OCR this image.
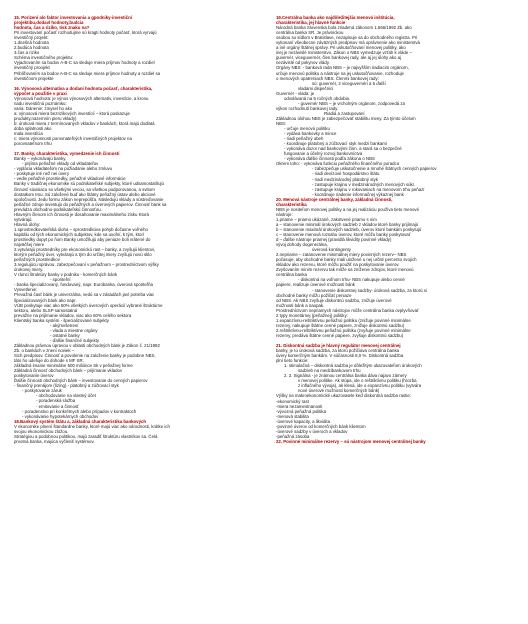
15. Porizení alo faktor investovania a gpodniky-investiční
projektibu,dodavl hodnoty,budcia
hodnota, čas a riziko, tisk znaku na?
Pri investovaní počasť rozhodujme sú kragti hodnoty počasť, ktorá vyrvajú
investičný projekt:
1.dnešná hodnota
2.budúca hodnota
3.čas a riziko
Schéma investičného projektu:
Vyjadrovaním sa bodov A-B-C sa sleduje miera príjmov hodnoty a rozdiel
investičný proojekt
Približovaním sa bodov A-B-C sa sleduje miera príjmov hodnoty a rozdiel sa
investičnom projekte
16. Výnosová alternatíva a dodaní hodnota počasť, charakteristika,
výpočet a použitie v praxi
Výnosová hodnota: je výnos výnosových alternatív, investície, a kronu
nadu investičnú poznámku:
varia: Dánenie: zmysel ho ako
a: výnosová miera bezrizikových investícií – ktorá poskazuje
produkty,nazemnín pieru vklady)
b: úroková miera z termínovaných vkladov v bankách, ktorá majú dodlatá
doba splatnosti ako
mala investícia
c: miera výnosnosti porovnateľných investičných projektov na
porovnateľnom trhu
17. Banky, charakteristika, vymedzenie ich činnosti
Banky – vykonávajú banky.
- prijíma peňažné vklady od vkladateľov
- vyplácia vkladateľom na požiadanie alebo zmluvu
- poskytuje iné než nei úvery
- vedie peňažné prostriedky, peňažné vkladové informácie
Banky v tradičnej ekonomike sú podnikateľské subjekty, ktoré udsamostatňujú
činnosť súvisiacu so všetkými vecou, sa všetkou podporovanou, a svitom
dostatkom trsu. Sú založené buď ako štátny peňažný ústav alebo akciové
spoločnosti. Jedu formu zákon neprepúšťa. Následujú vklady a sústreďovanie
peňažné zdroje investujú do peňažných a úverových papierov. Činnosť bánk sa
prevádza obchodno-podnikateľskú činnosťou.
Hlavným členom ich činnosti je dosahovanie maximálneho zisku Ktorá
vytvárajú.
Hlavná úlohy:
1.sprostredkovateľská úloha – sprostredkúva pohyb dočasne voľného
kapitálu od tých ekonomických subjektov, kde sa uvoľní, k tým, ktorí
prostriedky dopyt po ňom Banky umožňujú aby peniaze boli vrátené do
najväčšej miere
2.vytvárajú prostredníky pre ekonomickú rast – banky, a zvyšujú klientovi,
ktorým peňažný úver, vytvárajú a tým do určitej miery zvyšujú novú sklo
peňažných prostriedkov
3.regulujúcu správou, zabezpečovaní v peňažnom – prostredníctvom výšky
úrokovej miery.
V rámci štruktúry banky v podniku - komerčných bánk
- sporiteľní
- banka špecializovaný, fundovaný, napr. Eurobanka, úverová sporiteľňa
Vysvetlenie:
Prevažná časť bánk je univerzálna, vedú sa v zásadách javí potreba viac
špecializovaných bánk ako napr.
VÚB poskytuje viac ako 50% všetkých úverových operácií vybrané štruktúrne
sektoru, alebo SLSP samostatná
prevažne na prijímanie vkladov, viac ako 60% celého sektora
Klientský banka systém - špecializované subjekty
- akýmvšetrení
- vlada a miestne orgány
- ostatné banky
- ďalšie finančné subjekty
Základnou právnou úpravou v oblasti obchodných bánk je Zákon č. 21/1992
Zb. o bankách v znení noviek –
Sich predpisov. Činnosť a povolenie na založenie banky je podobne NBS,
táto ho udeľuje do dohode s MF SR.
základná imanie minimálne 500 miliónov Sk v peňažnej forme
Základná činnosť obchodných bánk – prijímanie vkladov
poskytovanie úverov
Ďalšie činnosti obchodných bánk – investovanie do cenných papierov
- finančný prenájom (lízing) - platobný a zúčtovací styk
- poskytovanie záruk
- obchodovanie na vlastný účet
- poradenská služba
- emitovanie a činnosť
- poradenstvo pri konkrétnych alebo prípadov v kontraktoch
- vykonávanie hypotekárnych obchodov
18.Bankový systém štátu a, základná charakteristika bankových
V ekonomike plnení štandardne banky, ktoré majú viac ako národnosti, krátke ich
svojou ekonomickou zložou.
Stratégiou a podobnou politikou, majú zaradiť štruktúru vlastníkov sa. Čelá
prvotná banka, majúca vyčleniť systémov.
19.Centrálna banka ako najdôležitejšia menová inštitúcia,
charakteristika, jej hlavné funkcie
Národná banka Slovenska bola zriadená zákonom 1.566/1992 Zb. ako
centrálna banka SR. Je právnickou
osobou so sídlom v Bratislave, nezapisuje sa do obchodného registra. Pri
vykonaní všeobecne záväzných predpisov má oprávnenie ako ministerstvá
a iné orgány štátnej správy. Pri uskutočňovaní menovej politiky, ako
inej je nezávislé ministerstvo. Zákon o NBS vymedzuje vzťah k vláde –
guvernér, viceguvernér, člen bankovej rady, ale aj jej úlohy ako aj
nezávislé od pokynov vlády.
Orgány NBS: - banková rada NBS – je najvyšším riadiacim orgánom,
určuje menovú politiku a nástroje na jej uskutočňovanie, rozhoduje
o menových opatreniach NBS. Členmi bankovej rady:
sú: guvernér, 2 viceguvernéri a 5 ďalší
vladami dispečnici
Guvernér - vlada: je
odvolávaná na 5 ročných obdobia.
- guvernér NBS – je vrcholným orgánom, zodpovedá za
výkon rozhodnutí bankovej rady.
Riadiá a zastupovaní
Základnou úlohou NBS je zabezpečovať stabilitu meny. Za týmto účelom
NBS:
- určuje menovú politiku
- vydáva bankovky a mince
- riadi peňažný obeh
- koordinuje platobný a zúčtovací styk medzi bankami
- vykonáva dozor nad bankovými činn. a stará sa o bezpečné
fungovanie a účelný rozvoj bankovníctva
- vykonáva ďalšie činnosti podľa zákona o NBS
Okrem toho: - vykonáva funkciu peňažného finančného poradcu
- zabezpečuje uskutočnenie a mnohé štátnych cenných papierov
- riadi devízové hospodárstvo štátu
- riadi medzinárodný platobný styk
- zastupuje krajinu v medzinárodných menových súkr.
- zastupuje krajinu v rokovaniach na menovom trhu peňazí
- koordinuje riadenie informačnej výkaznej bank
20. Menová nástroje centrálnej banky, základná činnosti,
charakteristika
NBS je nositeľom menovej politiky a na jej realizáciu používa tieto menové
nástroje:
1.priame – priamo ukázané, zakotvené priamo s nim
a – stanovenie minimál úrokových sadzieb z vkladov ktoré banky prijímajú
b – stanovenie maximál úrokových sadzieb, úverov ktoré bankám poskytujú
c – stanovenie menová rozsahu úverov, ktoré môžu banky poskytovať
d – ďalšie nástroje priamej (pravidlá likvidity povinné vklady)
vývoj dohody dogenerálna,
úverová kontingenty
2.nepriame – zatanovenie minimálnej miery povinných rezerv– NBS
počasuje, aby obchodné banky mali uložené u nej určité percento svojich
vkladov ako rezervu, ktoré môžu použiť na poskytovanie úverov.
Zvyšovaním minim rezervu tak môže sa zníženie zdrojov, ktoré menovú
centrálna banka
- diskontná na voľnom trhu- NBS nakupuje alebo cenné
papiere, realizuje úverové možnosti bánk
- stanovenie diskontnej sadzby- úroková sadzba, za ktorú si
obchodné banky môžu požičať peniaze
od NBS. Ak NBS zvyšuje diskontnú sadzbu, znižuje úverové
možnosti bánk a naopak.
Prostredníctvom nepriamych nástrojov môže centrálna banka ovplyvňovať
2 typy monetárnej (peňažnej) politiky:
1.expanzívnu-reštriktívnu peňažnú politiku (znižuje povinné minimálne
rezervy, nakupuje štátne cenné papiere, znižuje diskontnú sadzbu)
2.reštriktívnu-reštriktívnu peňažnú politiku (zvyšuje povinné minimálne
rezervy, predáva štátne cenné papiere, zvyšuje diskontnú sadzbu)
21. Diskontná sadzba je hlavný regulátor menovej centrálnej
banky, je to úroková sadzba, za ktorú požičiava centrálna banka
úvery komerčným bankám. V súčasnosti 8,0 %. Diskontná sadzba
plní tieto funkcie:
1. stimulačná – diskontná sadzba je dôležitým ukazovateľom úrokových
sadzieb na medzibankovom trhu
2. 2. Signálna - je známou centrálna banka dáva najavo zámery
v menovej politike. Ak stúpa, ide o reštriktívnu politiku (hrozba
z inflačného vývoja), ak klesá, ide o expanzívnu politiku (vytvára
nové úverové možnosti komerčných bánk)
Výšky na makroekonomické ukazovatele keď diskontná sadzba rastie:
-ekonomický rast
-miera nezamestnanosti
-vývozná peňažná politika
-menová stabilita
-úverové kapacity, a likvidita
-povinné úverov od komerčných bánk klientom
-úverové sadzby v úveroch a vkladov
-peňažná zásoba
22. Povinné minimálne rezervy – sú nástrojom menovej centrálnej banky
